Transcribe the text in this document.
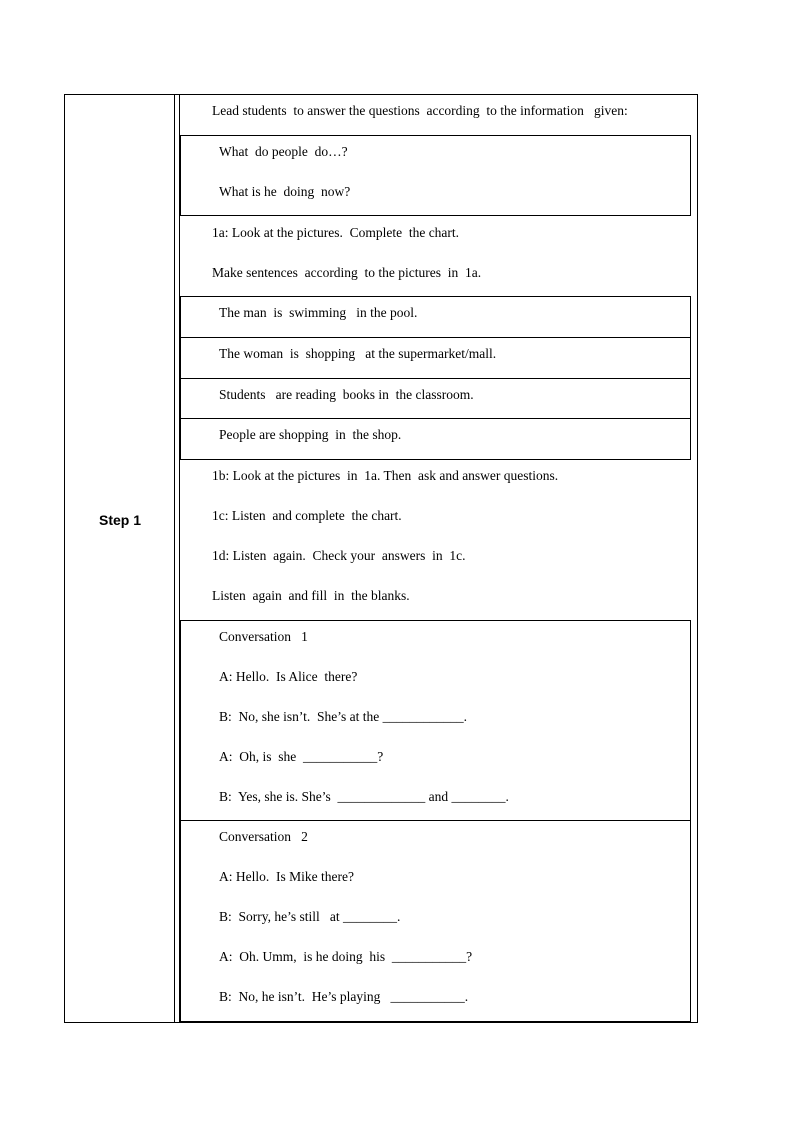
Step 1
Lead students  to answer the questions  according  to the information   given:
What  do people  do…?
What is he  doing  now?
1a: Look at the pictures.  Complete  the chart.
Make sentences  according  to the pictures  in  1a.
The man  is  swimming   in the pool.
The woman  is  shopping   at the supermarket/mall.
Students   are reading  books in  the classroom.
People are shopping  in  the shop.
1b: Look at the pictures  in  1a. Then  ask and answer questions.
1c: Listen  and complete  the chart.
1d: Listen  again.  Check your  answers  in  1c.
Listen  again  and fill  in  the blanks.
Conversation   1
A: Hello.  Is Alice  there?
B:  No, she isn’t.  She’s at the ____________.
A:  Oh, is  she  ___________?
B:  Yes, she is. She’s  _____________ and ________.
Conversation   2
A: Hello.  Is Mike there?
B:  Sorry, he’s still   at ________.
A:  Oh. Umm,  is he doing  his  ___________?
B:  No, he isn’t.  He’s playing   ___________.
